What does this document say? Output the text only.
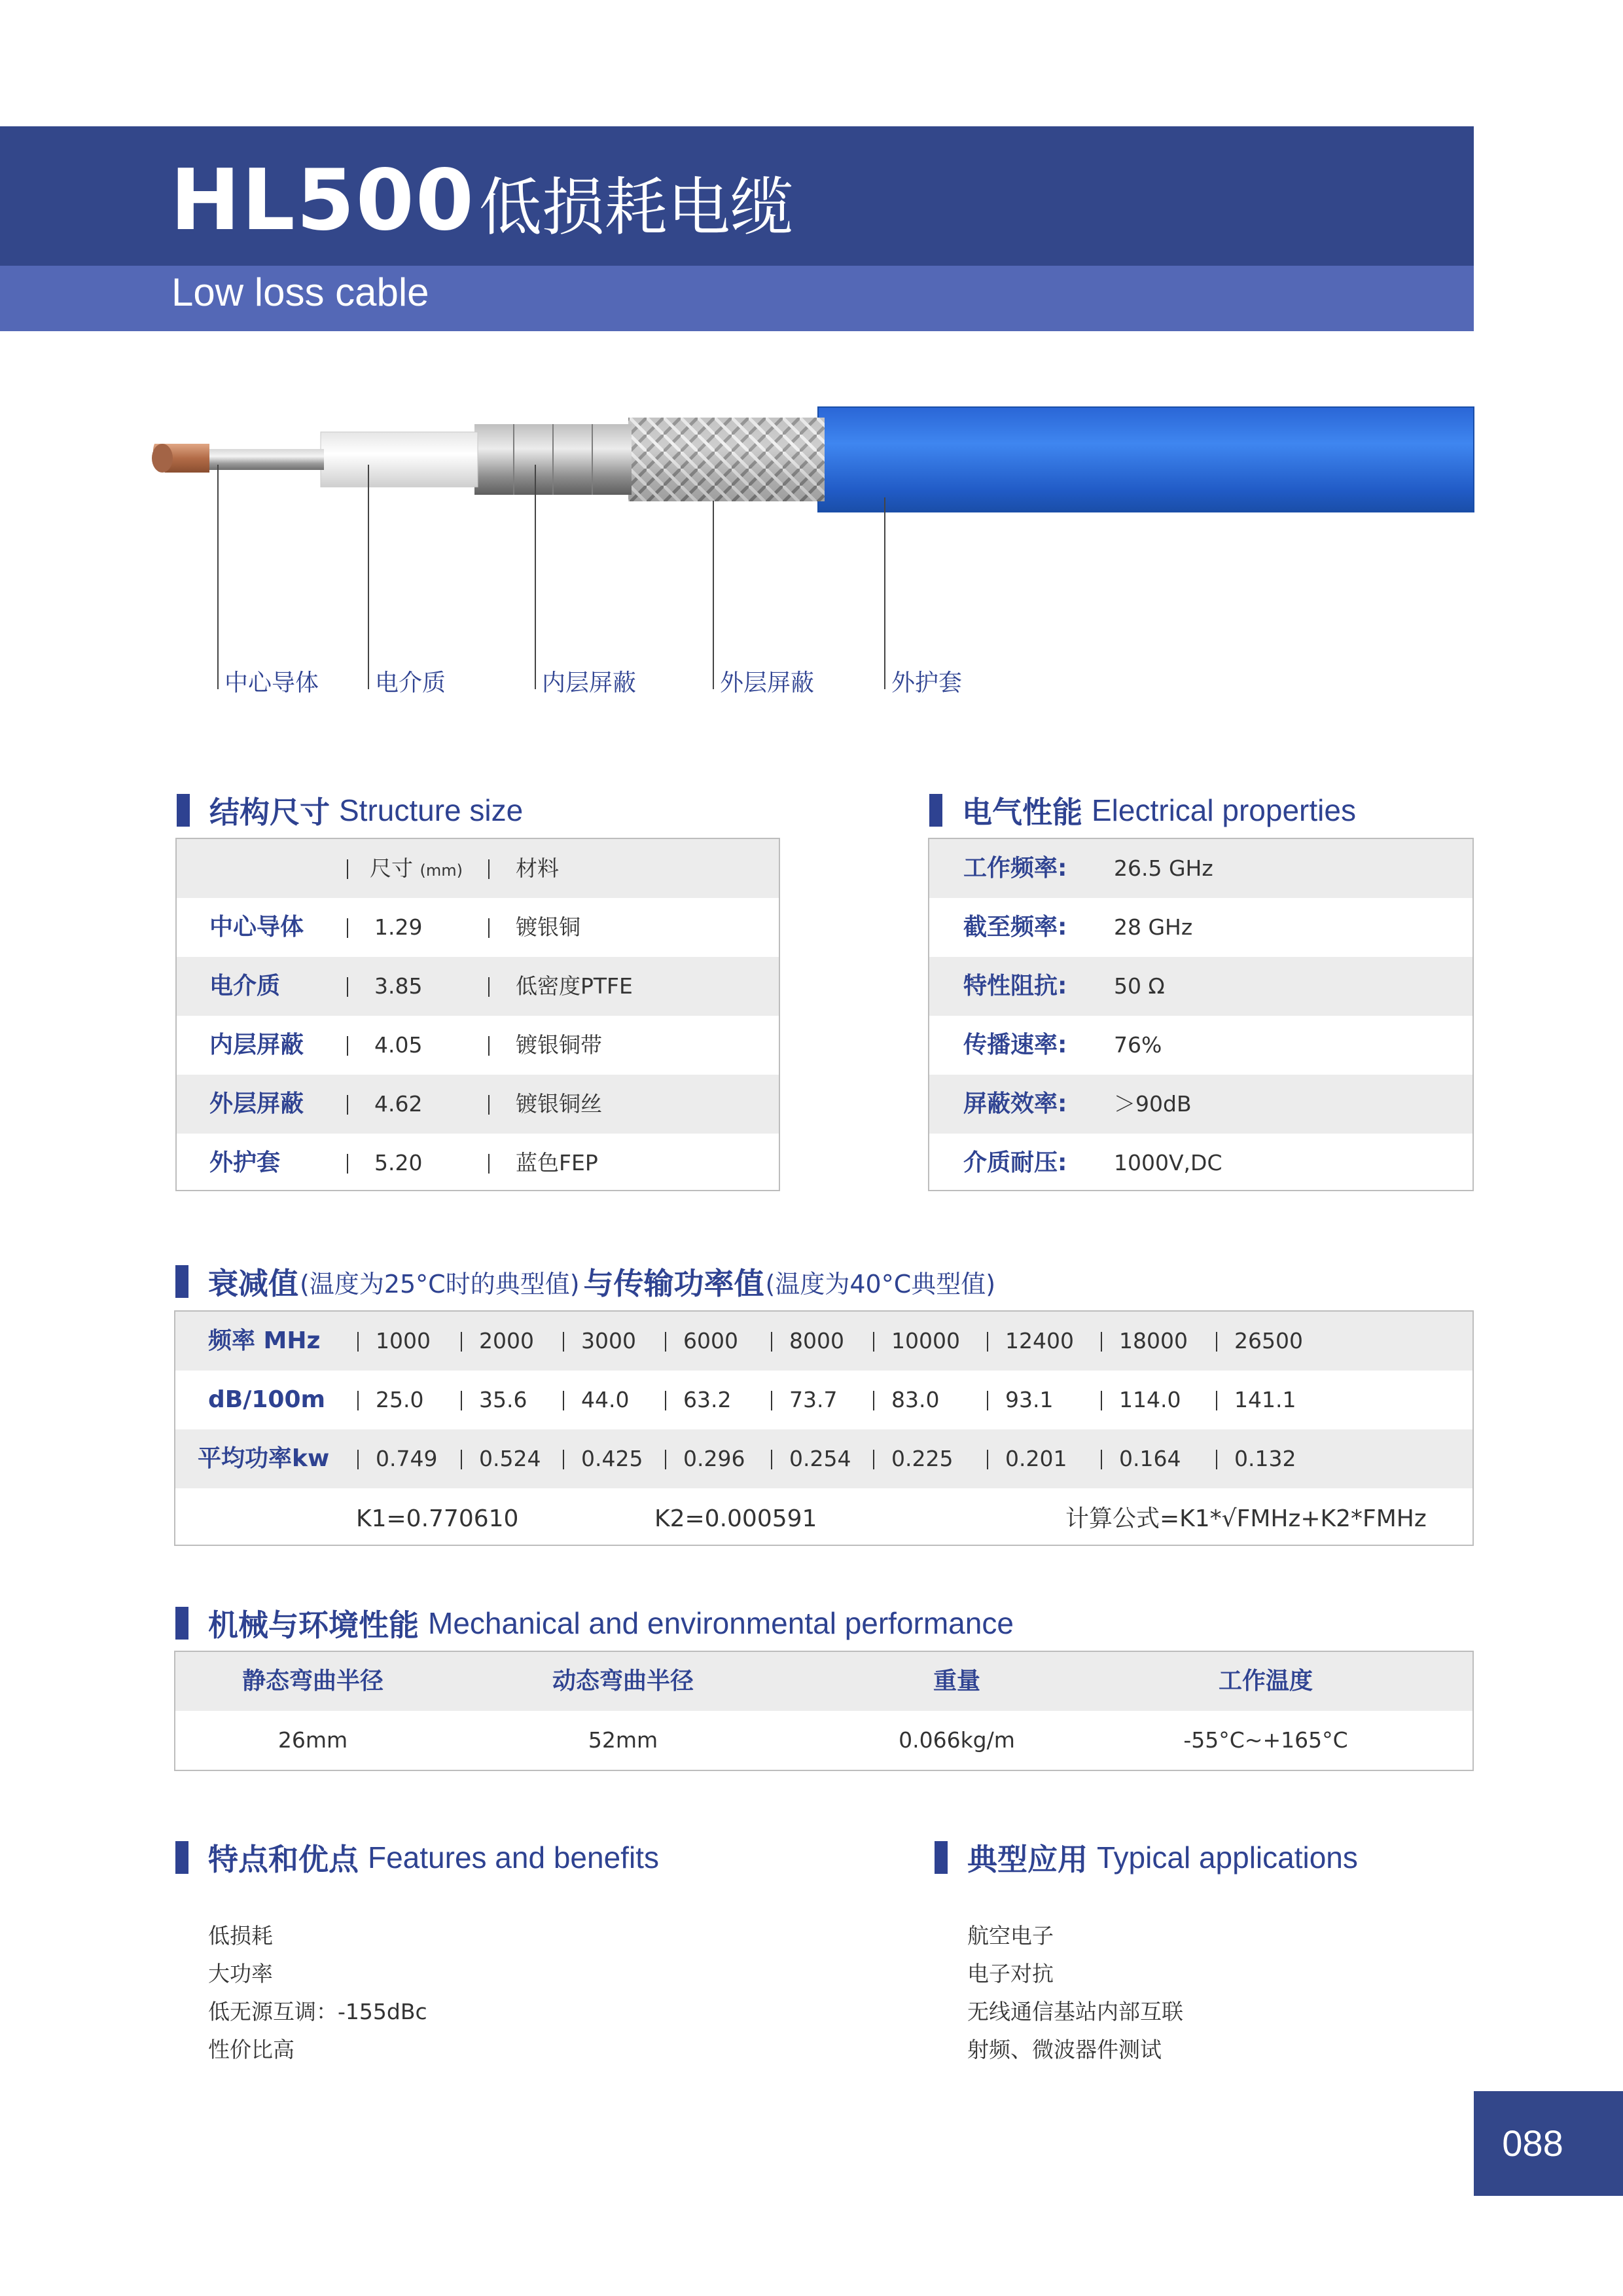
HL500 低损耗电缆
Low loss cable
中心导体 电介质	内层屏蔽	外层屏蔽	外护套
结构尺寸 Structure size
尺寸 (mm) 材料
中心导体	1.29	镀银铜
电介质	3.85	低密度PTFE
内层屏蔽	4.05	镀银铜带
外层屏蔽	4.62	镀银铜丝
外护套	5.20	蓝色FEP
电气性能 Electrical properties
工作频率: 26.5 GHz
截至频率: 28 GHz
特性阻抗: 50 Ω
传播速率: 76%
屏蔽效率: ＞90dB
介质耐压: 1000V,DC
衰减值 (温度为25°C时的典型值) 与传输功率值 (温度为40°C典型值)
频率 MHz	1000 2000 3000 6000 8000 10000 12400 18000 26500
dB/100m 25.0	35.6	44.0	63.2	73.7	83.0	93.1	114.0 141.1
平均功率kw 0.749 0.524 0.425 0.296 0.254 0.225 0.201 0.164 0.132
K1=0.770610	K2=0.000591	计算公式=K1*√FMHz+K2*FMHz
机械与环境性能 Mechanical and environmental performance
静态弯曲半径	动态弯曲半径	重量	工作温度
26mm	52mm	0.066kg/m	-55°C~+165°C
特点和优点 Features and benefits
低损耗
大功率
低无源互调：-155dBc
性价比高
典型应用 Typical applications
航空电子
电子对抗
无线通信基站内部互联
射频、微波器件测试
088
